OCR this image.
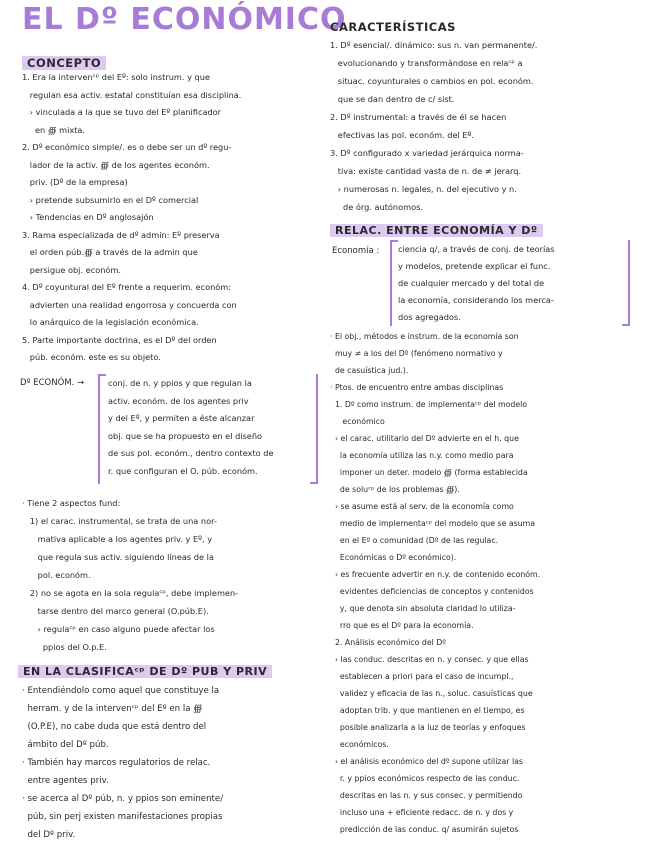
EL Dº ECONÓMICO
CONCEPTO
1. Era la intervenᶜᵖ del Eº: solo instrum. y que
regulan esa activ. estatal constituían esa disciplina.
› vinculada a la que se tuvo del Eº planificador
en ∰ mixta.
2. Dº económico simple/. es o debe ser un dº regu-
lador de la activ. ∰ de los agentes económ.
priv. (Dº de la empresa)
› pretende subsumirlo en el Dº comercial
› Tendencias en Dº anglosajón
3. Rama especializada de dº admin: Eº preserva
el orden púb.∰ a través de la admin que
persigue obj. económ.
4. Dº coyuntural del Eº frente a requerim. económ:
advierten una realidad engorrosa y concuerda con
lo anárquico de la legislación económica.
5. Parte importante doctrina, es el Dº del orden
púb. económ. este es su objeto.
Dº ECONÓM. →	conj. de n. y ppios y que regulan la
activ. económ. de los agentes priv
y del Eº, y permiten a éste alcanzar
obj. que se ha propuesto en el diseño
de sus pol. económ., dentro contexto de
r. que configuran el O. púb. económ.
· Tiene 2 aspectos fund:
1) el carac. instrumental, se trata de una nor-
mativa aplicable a los agentes priv. y Eº, y
que regula sus activ. siguiendo líneas de la
pol. económ.
2) no se agota en la sola regulaᶜᵖ, debe implemen-
tarse dentro del marco general (O.púb.E).
› regulaᶜᵖ en caso alguno puede afectar los
ppios del O.p.E.
EN LA CLASIFICAᶜᵖ DE Dº PUB Y PRIV
· Entendiéndolo como aquel que constituye la
herram. y de la intervenᶜᵖ del Eº en la ∰
(O.P.E), no cabe duda que está dentro del
ámbito del Dº púb.
· También hay marcos regulatorios de relac.
entre agentes priv.
· se acerca al Dº púb, n. y ppios son eminente/
púb, sin perj existen manifestaciones propias
del Dº priv.
CARACTERÍSTICAS
1. Dº esencial/. dinámico: sus n. van permanente/.
evolucionando y transformándose en relaᶜᵖ a
situac. coyunturales o cambios en pol. económ.
que se dan dentro de c/ sist.
2. Dº instrumental: a través de él se hacen
efectivas las pol. económ. del Eº.
3. Dº configurado x variedad jerárquica norma-
tiva: existe cantidad vasta de n. de ≠ jerarq.
› numerosas n. legales, n. del ejecutivo y n.
de órg. autónomos.
RELAC. ENTRE ECONOMÍA Y Dº
Economía : ciencia q/, a través de conj. de teorías
y modelos, pretende explicar el func.
de cualquier mercado y del total de
la economía, considerando los merca-
dos agregados.
· El obj., métodos e instrum. de la economía son
muy ≠ a los del Dº (fenómeno normativo y
de casuística jud.).
· Ptos. de encuentro entre ambas disciplinas
1. Dº como instrum. de implementaᶜᵖ del modelo
económico
› el carac. utilitario del Dº advierte en el h. que
la economía utiliza las n.y. como medio para
imponer un deter. modelo ∰ (forma establecida
de soluᶜᵖ de los problemas ∰).
› se asume está al serv. de la economía como
medio de implementaᶜᵖ del modelo que se asuma
en el Eº o comunidad (Dº de las regulac.
Económicas o Dº económico).
› es frecuente advertir en n.y. de contenido económ.
evidentes deficiencias de conceptos y contenidos
y, que denota sin absoluta claridad lo utiliza-
rro que es el Dº para la economía.
2. Análisis económico del Dº
› las conduc. descritas en n. y consec. y que ellas
establecen a priori para el caso de incumpl.,
validez y eficacia de las n., soluc. casuísticas que
adoptan trib. y que mantienen en el tiempo, es
posible analizarla a la luz de teorías y enfoques
económicos.
› el análisis económico del dº supone utilizar las
r. y ppios económicos respecto de las conduc.
descritas en las n. y sus consec. y permitiendo
incluso una + eficiente redacc. de n. y dos y
predicción de las conduc. q/ asumirán sujetos
